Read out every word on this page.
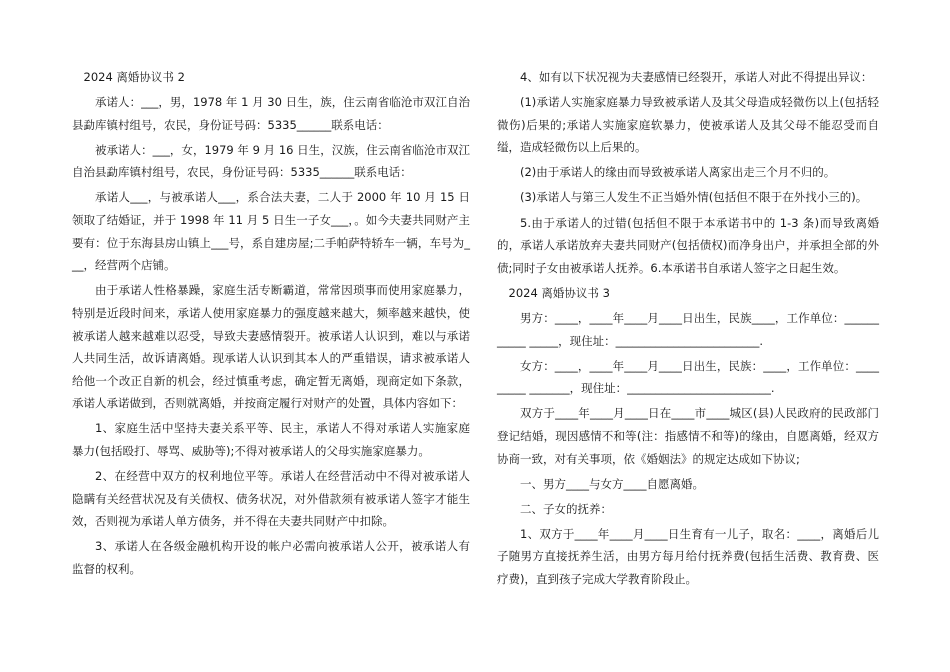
2024 离婚协议书 2

承诺人：___，男，1978 年 1 月 30 日生，族，住云南省临沧市双江自治县勐库镇村组号，农民，身份证号码：5335______联系电话：

被承诺人：___，女，1979 年 9 月 16 日生，汉族，住云南省临沧市双江自治县勐库镇村组号，农民，身份证号码：5335______联系电话：

承诺人___，与被承诺人___，系合法夫妻，二人于 2000 年 10 月 15 日领取了结婚证，并于 1998 年 11 月 5 日生一子女___，。如今夫妻共同财产主要有：位于东海县房山镇上___号，系自建房屋;二手帕萨特轿车一辆，车号为___，经营两个店铺。

由于承诺人性格暴躁，家庭生活专断霸道，常常因琐事而使用家庭暴力，特别是近段时间来，承诺人使用家庭暴力的强度越来越大，频率越来越快，使被承诺人越来越难以忍受，导致夫妻感情裂开。被承诺人认识到，难以与承诺人共同生活，故诉请离婚。现承诺人认识到其本人的严重错误，请求被承诺人给他一个改正自新的机会，经过慎重考虑，确定暂无离婚，现商定如下条款，承诺人承诺做到，否则就离婚，并按商定履行对财产的处置，具体内容如下：

1、家庭生活中坚持夫妻关系平等、民主，承诺人不得对承诺人实施家庭暴力(包括殴打、辱骂、威胁等);不得对被承诺人的父母实施家庭暴力。

2、在经营中双方的权利地位平等。承诺人在经营活动中不得对被承诺人隐瞒有关经营状况及有关债权、债务状况，对外借款须有被承诺人签字才能生效，否则视为承诺人单方债务，并不得在夫妻共同财产中扣除。

3、承诺人在各级金融机构开设的帐户必需向被承诺人公开，被承诺人有监督的权利。

4、如有以下状况视为夫妻感情已经裂开，承诺人对此不得提出异议：

(1)承诺人实施家庭暴力导致被承诺人及其父母造成轻微伤以上(包括轻微伤)后果的;承诺人实施家庭软暴力，使被承诺人及其父母不能忍受而自缢，造成轻微伤以上后果的。

(2)由于承诺人的缘由而导致被承诺人离家出走三个月不归的。

(3)承诺人与第三人发生不正当婚外情(包括但不限于在外找小三的)。

5.由于承诺人的过错(包括但不限于本承诺书中的 1-3 条)而导致离婚的，承诺人承诺放弃夫妻共同财产(包括债权)而净身出户，并承担全部的外债;同时子女由被承诺人抚养。6.本承诺书自承诺人签字之日起生效。

2024 离婚协议书 3

男方：____，____年____月____日出生，民族____，工作单位：___________ _____，现住址：_________________________.

女方：____，____年____月____日出生，民族：____，工作单位：_________ _______，现住址：_________________________.

双方于____年____月____日在____市____城区(县)人民政府的民政部门登记结婚，现因感情不和等(注：指感情不和等)的缘由，自愿离婚，经双方协商一致，对有关事项，依《婚姻法》的规定达成如下协议;

一、男方____与女方____自愿离婚。

二、子女的抚养：

1、双方于____年____月____日生育有一儿子，取名：____，离婚后儿子随男方直接抚养生活，由男方每月给付抚养费(包括生活费、教育费、医疗费)，直到孩子完成大学教育阶段止。
